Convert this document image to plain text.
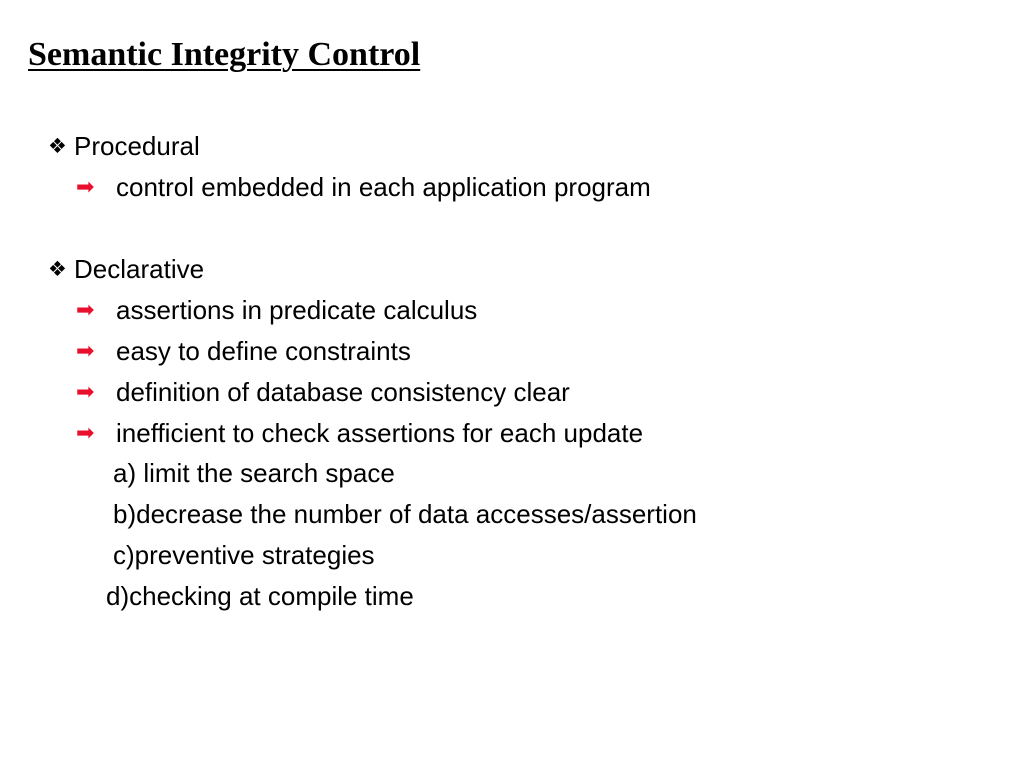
Semantic Integrity Control
❖ Procedural
➡ control embedded in each application program
❖ Declarative
➡ assertions in predicate calculus
➡ easy to define constraints
➡ definition of database consistency clear
➡ inefficient to check assertions for each update
a) limit the search space
b)decrease the number of data accesses/assertion
c)preventive strategies
d)checking at compile time
